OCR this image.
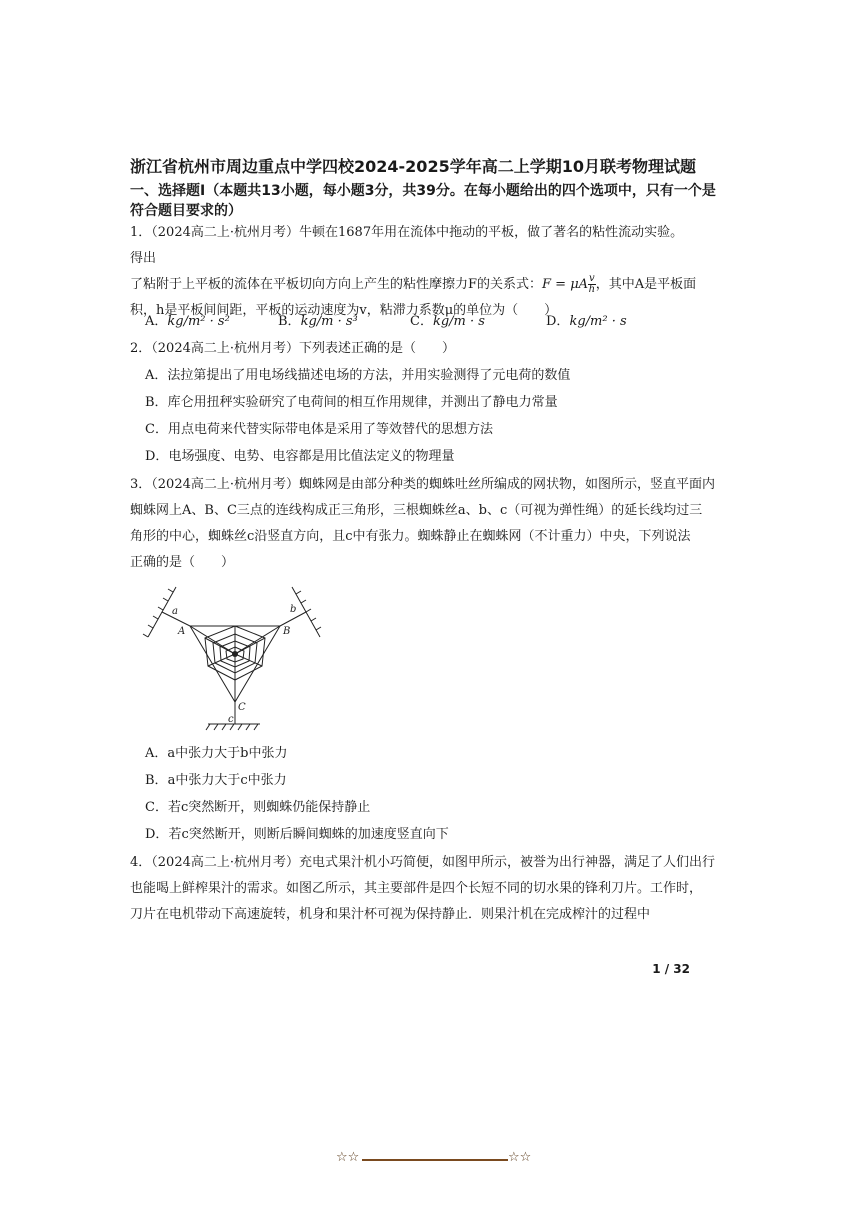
浙江省杭州市周边重点中学四校2024-2025学年高二上学期10月联考物理试题
一、选择题Ⅰ（本题共13小题，每小题3分，共39分。在每小题给出的四个选项中，只有一个是符合题目要求的）
1．（2024高二上·杭州月考）牛顿在1687年用在流体中拖动的平板，做了著名的粘性流动实验。得出
了粘附于上平板的流体在平板切向方向上产生的粘性摩擦力F的关系式：F = μA $\frac{v}{h}$ ，其中A是平板面
积，h是平板间间距，平板的运动速度为v，粘滞力系数μ的单位为（　　）
A．kg/m² · s²	B．kg/m · s³	C．kg/m · s	D．kg/m² · s
2．（2024高二上·杭州月考）下列表述正确的是（　　）
A．法拉第提出了用电场线描述电场的方法，并用实验测得了元电荷的数值
B．库仑用扭秤实验研究了电荷间的相互作用规律，并测出了静电力常量
C．用点电荷来代替实际带电体是采用了等效替代的思想方法
D．电场强度、电势、电容都是用比值法定义的物理量
3．（2024高二上·杭州月考）蜘蛛网是由部分种类的蜘蛛吐丝所编成的网状物，如图所示，竖直平面内
蜘蛛网上A、B、C三点的连线构成正三角形，三根蜘蛛丝a、b、c（可视为弹性绳）的延长线均过三
角形的中心，蜘蛛丝c沿竖直方向，且c中有张力。蜘蛛静止在蜘蛛网（不计重力）中央，下列说法
正确的是（　　）
a	b
c
A	B
C
A．a中张力大于b中张力
B．a中张力大于c中张力
C．若c突然断开，则蜘蛛仍能保持静止
D．若c突然断开，则断后瞬间蜘蛛的加速度竖直向下
4．（2024高二上·杭州月考）充电式果汁机小巧简便，如图甲所示，被誉为出行神器，满足了人们出行
也能喝上鲜榨果汁的需求。如图乙所示，其主要部件是四个长短不同的切水果的锋利刀片。工作时，
刀片在电机带动下高速旋转，机身和果汁杯可视为保持静止．则果汁机在完成榨汁的过程中
1 / 32
☆☆	☆☆
